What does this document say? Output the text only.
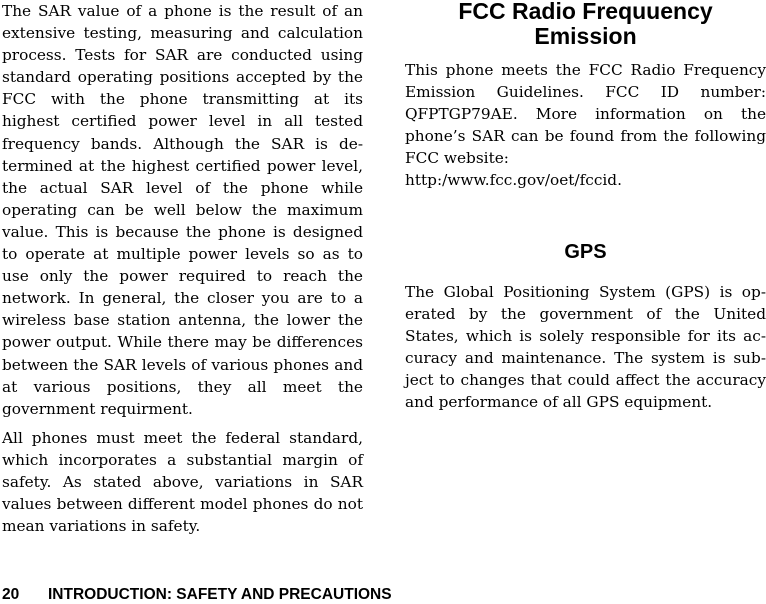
The SAR value of a phone is the result of an extensive testing, measuring and calculation process. Tests for SAR are conducted using standard operating positions accepted by the FCC with the phone transmitting at its highest certified power level in all tested frequency bands. Although the SAR is determined at the highest certified power level, the actual SAR level of the phone while operating can be well below the maximum value. This is because the phone is designed to operate at multiple power levels so as to use only the power required to reach the network. In general, the closer you are to a wireless base station antenna, the lower the power output. While there may be differences between the SAR levels of various phones and at various positions, they all meet the government requirment.

All phones must meet the federal standard, which incorporates a substantial margin of safety. As stated above, variations in SAR values between different model phones do not mean variations in safety.

FCC Radio Frequuency Emission

This phone meets the FCC Radio Frequency Emission Guidelines. FCC ID number: QFPTGP79AE. More information on the phone’s SAR can be found from the following FCC website:

http:/www.fcc.gov/oet/fccid.

GPS

The Global Positioning System (GPS) is operated by the government of the United States, which is solely responsible for its accuracy and maintenance. The system is subject to changes that could affect the accuracy and performance of all GPS equipment.

20 INTRODUCTION: SAFETY AND PRECAUTIONS
